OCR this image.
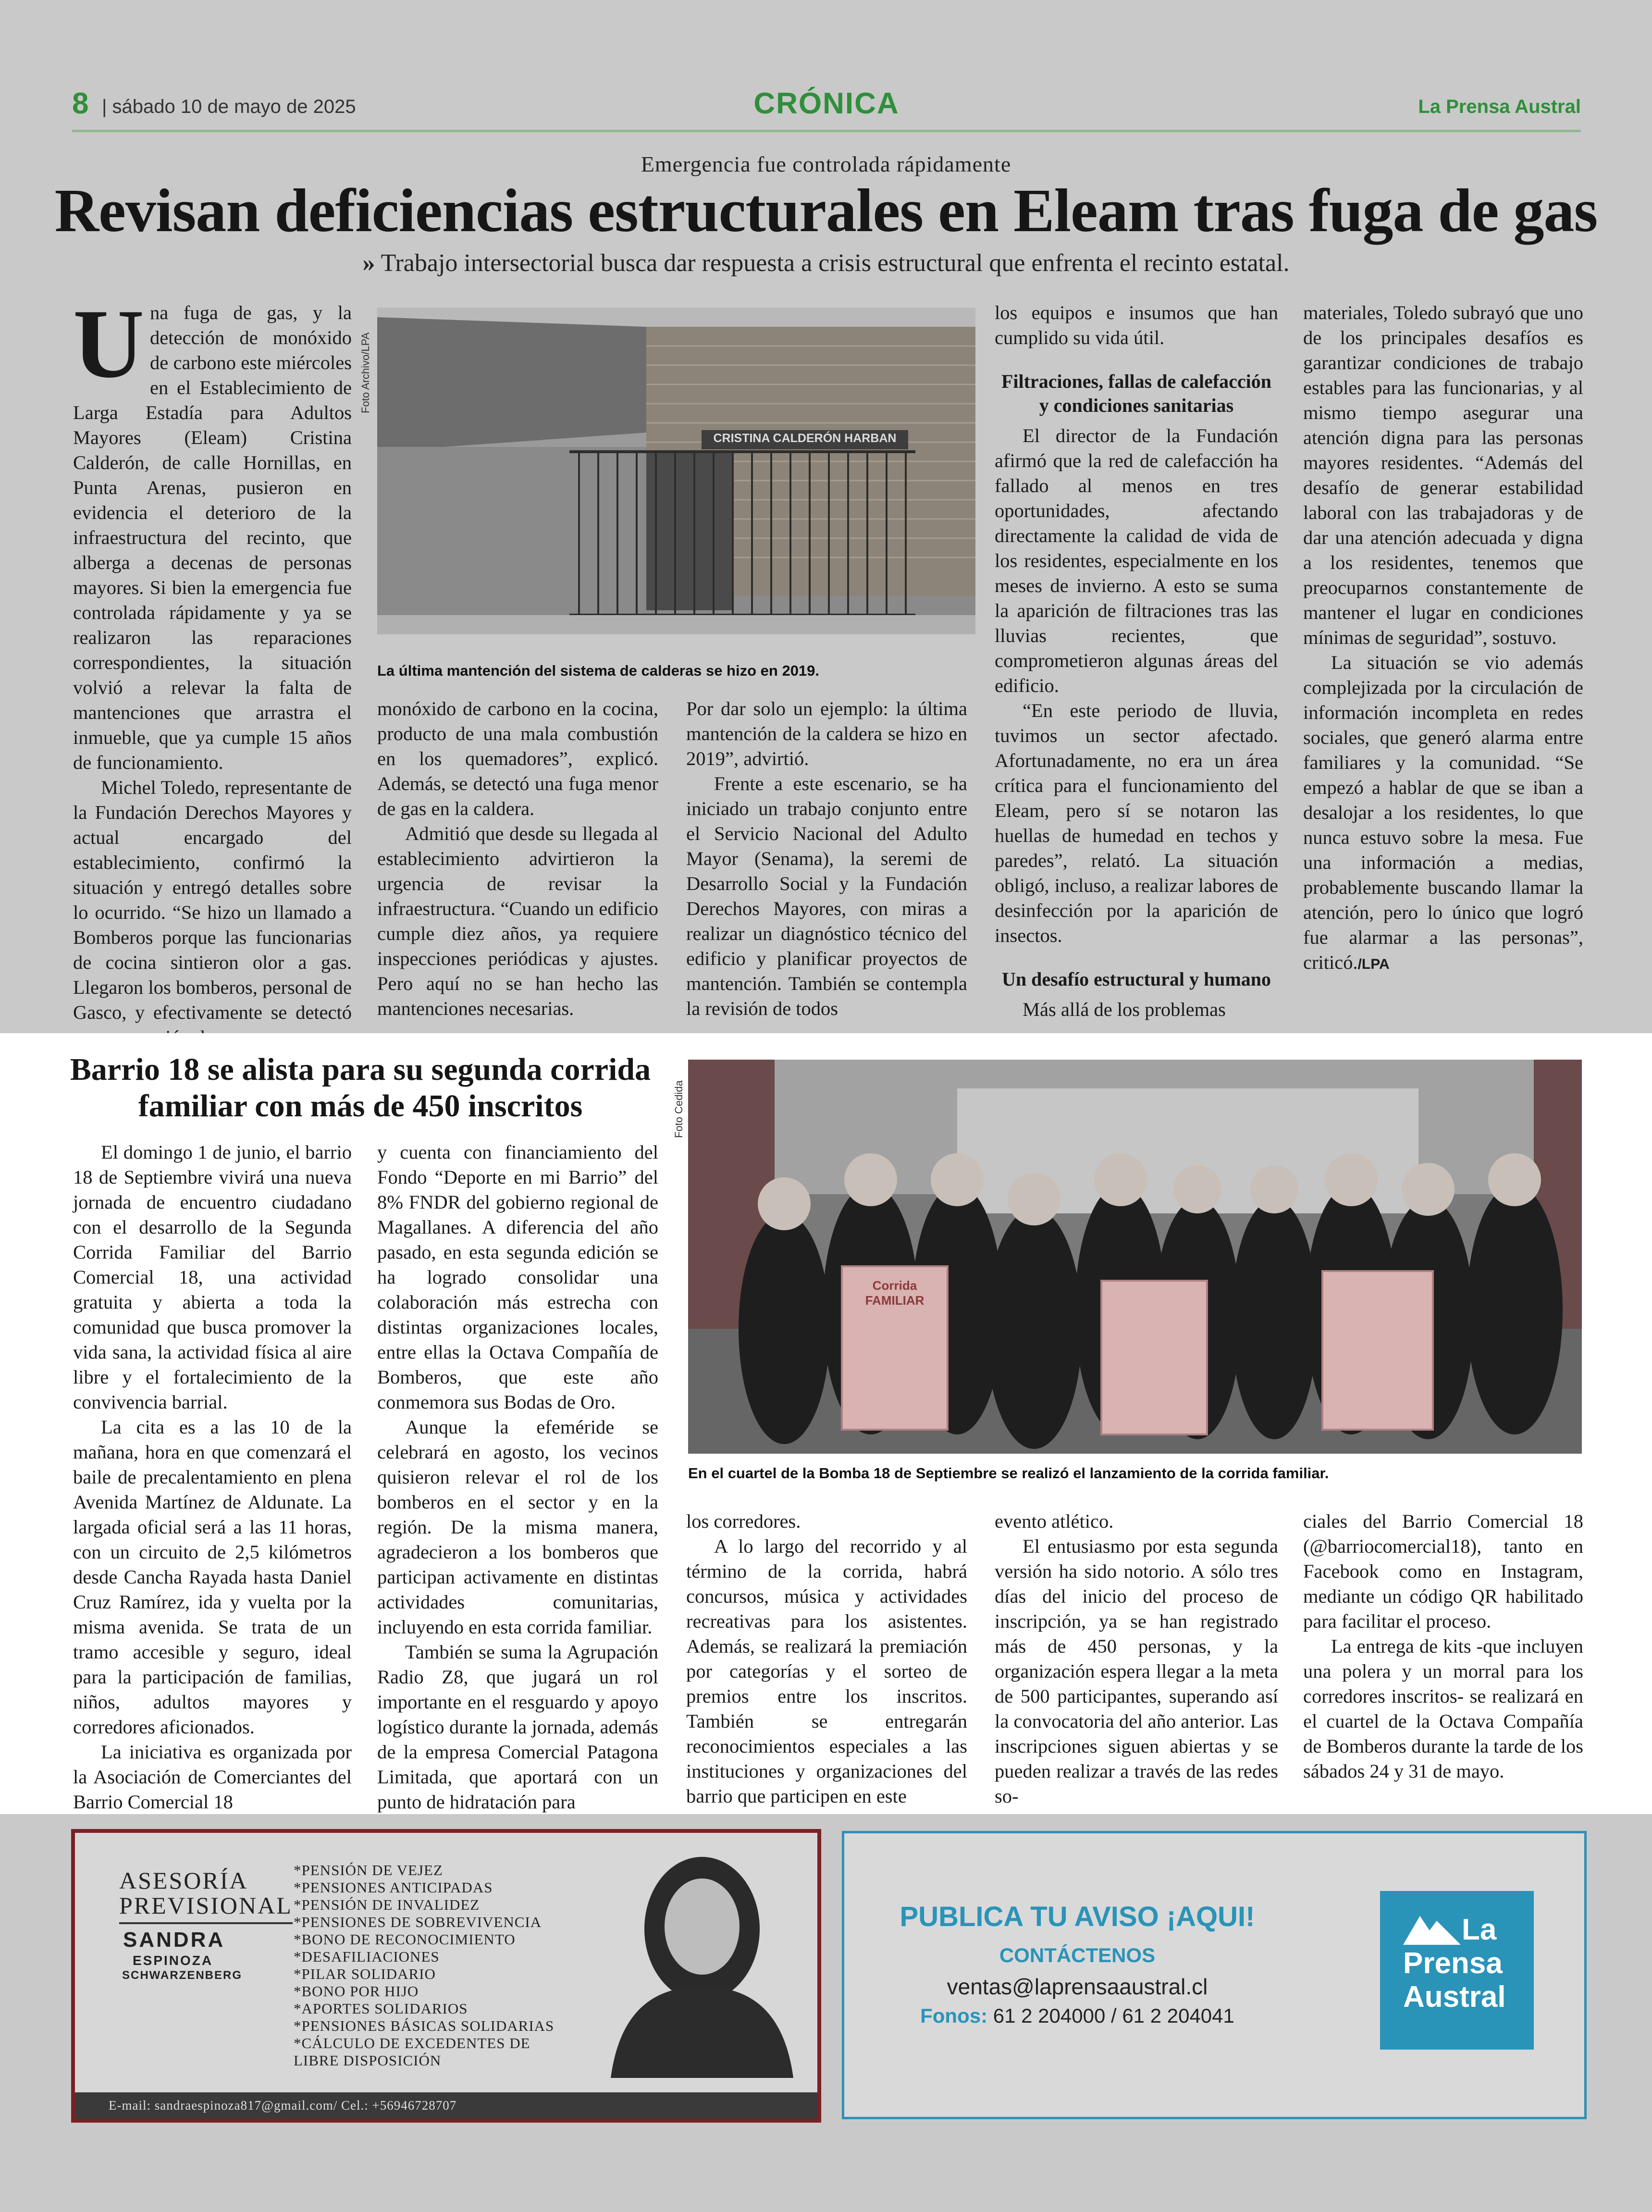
8 | sábado 10 de mayo de 2025	CRÓNICA	La Prensa Austral
Emergencia fue controlada rápidamente
Revisan deficiencias estructurales en Eleam tras fuga de gas
» Trabajo intersectorial busca dar respuesta a crisis estructural que enfrenta el recinto estatal.

Una fuga de gas, y la detección de monóxido de carbono este miércoles en el Establecimiento de Larga Estadía para Adultos Mayores (Eleam) Cristina Calderón, de calle Hornillas, en Punta Arenas, pusieron en evidencia el deterioro de la infraestructura del recinto, que alberga a decenas de personas mayores. Si bien la emergencia fue controlada rápidamente y ya se realizaron las reparaciones correspondientes, la situación volvió a relevar la falta de mantenciones que arrastra el inmueble, que ya cumple 15 años de funcionamiento.

Michel Toledo, representante de la Fundación Derechos Mayores y actual encargado del establecimiento, confirmó la situación y entregó detalles sobre lo ocurrido. “Se hizo un llamado a Bomberos porque las funcionarias de cocina sintieron olor a gas. Llegaron los bomberos, personal de Gasco, y efectivamente se detectó

Foto Archivo/LPA
CRISTINA CALDERÓN HARBAN
La última mantención del sistema de calderas se hizo en 2019.

monóxido de carbono en la cocina, producto de una mala combustión en los quemadores”, explicó. Además, se detectó una fuga menor de gas en la caldera.

Admitió que desde su llegada al establecimiento advirtieron la urgencia de revisar la infraestructura. “Cuando un edificio cumple diez años, ya requiere inspecciones periódicas y ajustes. Pero aquí no se han hecho las mantenciones necesarias.

Por dar solo un ejemplo: la última mantención de la caldera se hizo en 2019”, advirtió.

Frente a este escenario, se ha iniciado un trabajo conjunto entre el Servicio Nacional del Adulto Mayor (Senama), la seremi de Desarrollo Social y la Fundación Derechos Mayores, con miras a realizar un diagnóstico técnico del edificio y planificar proyectos de mantención. También se contempla la revisión de todos

los equipos e insumos que han cumplido su vida útil.

Filtraciones, fallas de calefacción y condiciones sanitarias

El director de la Fundación afirmó que la red de calefacción ha fallado al menos en tres oportunidades, afectando directamente la calidad de vida de los residentes, especialmente en los meses de invierno. A esto se suma la aparición de filtraciones tras las lluvias recientes, que comprometieron algunas áreas del edificio.

“En este periodo de lluvia, tuvimos un sector afectado. Afortunadamente, no era un área crítica para el funcionamiento del Eleam, pero sí se notaron las huellas de humedad en techos y paredes”, relató. La situación obligó, incluso, a realizar labores de desinfección por la aparición de insectos.

Un desafío estructural y humano

Más allá de los problemas

materiales, Toledo subrayó que uno de los principales desafíos es garantizar condiciones de trabajo estables para las funcionarias, y al mismo tiempo asegurar una atención digna para las personas mayores residentes. “Además del desafío de generar estabilidad laboral con las trabajadoras y de dar una atención adecuada y digna a los residentes, tenemos que preocuparnos constantemente de mantener el lugar en condiciones mínimas de seguridad”, sostuvo.

La situación se vio además complejizada por la circulación de información incompleta en redes sociales, que generó alarma entre familiares y la comunidad. “Se empezó a hablar de que se iban a desalojar a los residentes, lo que nunca estuvo sobre la mesa. Fue una información a medias, probablemente buscando llamar la atención, pero lo único que logró fue alarmar a las personas”, criticó./LPA

Barrio 18 se alista para su segunda corrida familiar con más de 450 inscritos	Foto Cedida
Corrida FAMILIAR
En el cuartel de la Bomba 18 de Septiembre se realizó el lanzamiento de la corrida familiar.

El domingo 1 de junio, el barrio 18 de Septiembre vivirá una nueva jornada de encuentro ciudadano con el desarrollo de la Segunda Corrida Familiar del Barrio Comercial 18, una actividad gratuita y abierta a toda la comunidad que busca promover la vida sana, la actividad física al aire libre y el fortalecimiento de la convivencia barrial.

La cita es a las 10 de la mañana, hora en que comenzará el baile de precalentamiento en plena Avenida Martínez de Aldunate. La largada oficial será a las 11 horas, con un circuito de 2,5 kilómetros desde Cancha Rayada hasta Daniel Cruz Ramírez, ida y vuelta por la misma avenida. Se trata de un tramo accesible y seguro, ideal para la participación de familias, niños, adultos mayores y corredores aficionados.

La iniciativa es organizada por la Asociación de Comerciantes del Barrio Comercial 18

y cuenta con financiamiento del Fondo “Deporte en mi Barrio” del 8% FNDR del gobierno regional de Magallanes. A diferencia del año pasado, en esta segunda edición se ha logrado consolidar una colaboración más estrecha con distintas organizaciones locales, entre ellas la Octava Compañía de Bomberos, que este año conmemora sus Bodas de Oro.

Aunque la efeméride se celebrará en agosto, los vecinos quisieron relevar el rol de los bomberos en el sector y en la región. De la misma manera, agradecieron a los bomberos que participan activamente en distintas actividades comunitarias, incluyendo en esta corrida familiar.

También se suma la Agrupación Radio Z8, que jugará un rol importante en el resguardo y apoyo logístico durante la jornada, además de la empresa Comercial Patagona Limitada, que aportará con un punto de hidratación para

los corredores.

A lo largo del recorrido y al término de la corrida, habrá concursos, música y actividades recreativas para los asistentes. Además, se realizará la premiación por categorías y el sorteo de premios entre los inscritos. También se entregarán reconocimientos especiales a las instituciones y organizaciones del barrio que participen en este

evento atlético.

El entusiasmo por esta segunda versión ha sido notorio. A sólo tres días del inicio del proceso de inscripción, ya se han registrado más de 450 personas, y la organización espera llegar a la meta de 500 participantes, superando así la convocatoria del año anterior. Las inscripciones siguen abiertas y se pueden realizar a través de las redes so-

ciales del Barrio Comercial 18 (@barriocomercial18), tanto en Facebook como en Instagram, mediante un código QR habilitado para facilitar el proceso.

La entrega de kits -que incluyen una polera y un morral para los corredores inscritos- se realizará en el cuartel de la Octava Compañía de Bomberos durante la tarde de los sábados 24 y 31 de mayo.

ASESORÍA
PREVISIONAL
SANDRA
ESPINOZA
SCHWARZENBERG
*PENSIÓN DE VEJEZ
*PENSIONES ANTICIPADAS
*PENSIÓN DE INVALIDEZ
*PENSIONES DE SOBREVIVENCIA
*BONO DE RECONOCIMIENTO
*DESAFILIACIONES
*PILAR SOLIDARIO
*BONO POR HIJO
*APORTES SOLIDARIOS
*PENSIONES BÁSICAS SOLIDARIAS
*CÁLCULO DE EXCEDENTES DE LIBRE DISPOSICIÓN
E-mail: sandraespinoza817@gmail.com/ Cel.: +56946728707
PUBLICA TU AVISO ¡AQUI!
CONTÁCTENOS
ventas@laprensaaustral.cl
Fonos: 61 2 204000 / 61 2 204041
La
Prensa
Austral
